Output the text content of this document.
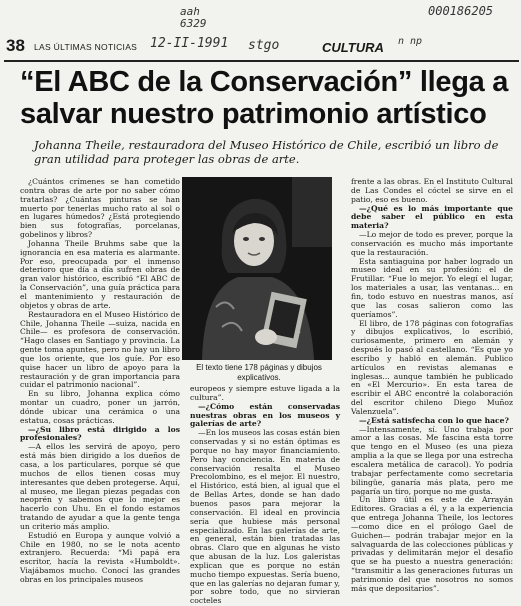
aah 6329
000186205
12-II-1991 stgo	n np
38 LAS ÚLTIMAS NOTICIAS	CULTURA
“El ABC de la Conservación” llega a salvar nuestro patrimonio artístico
Johanna Theile, restauradora del Museo Histórico de Chile, escribió un libro de gran utilidad para proteger las obras de arte.

¿Cuántos crímenes se han cometido contra obras de arte por no saber cómo tratarlas? ¿Cuántas pinturas se han muerto por tenerlas mucho rato al sol o en lugares húmedos? ¿Está protegiendo bien sus fotografías, porcelanas, gobelinos y libros?

Johanna Theile Bruhms sabe que la ignorancia en esa materia es alarmante. Por eso, preocupada por el inmenso deterioro que día a día sufren obras de gran valor histórico, escribió “El ABC de la Conservación”, una guía práctica para el mantenimiento y restauración de objetos y obras de arte.

Restauradora en el Museo Histórico de Chile, Johanna Theile —suiza, nacida en Chile— es profesora de conservación. “Hago clases en Santiago y provincia. La gente toma apuntes, pero no hay un libro que los oriente, que los guíe. Por eso quise hacer un libro de apoyo para la restauración y de gran importancia para cuidar el patrimonio nacional”.

En su libro, Johanna explica cómo montar un cuadro, poner un jarrón, dónde ubicar una cerámica o una estatua, cosas prácticas.

—¿Su libro está dirigido a los profesionales?

—A ellos les servirá de apoyo, pero está más bien dirigido a los dueños de casa, a los particulares, porque sé que muchos de ellos tienen cosas muy interesantes que deben protegerse. Aquí, al museo, me llegan piezas pegadas con neoprén y sabemos que lo mejor es hacerlo con Uhu. En el fondo estamos tratando de ayudar a que la gente tenga un criterio más amplio.

Estudió en Europa y aunque volvió a Chile en 1980, no se le nota acento extranjero. Recuerda: “Mi papá era escritor, hacía la revista «Humboldt». Viajábamos mucho. Conocí las grandes obras en los principales museos

El texto tiene 178 páginas y dibujos explicativos.

europeos y siempre estuve ligada a la cultura”.

—¿Cómo están conservadas nuestras obras en los museos y galerías de arte?

—En los museos las cosas están bien conservadas y si no están óptimas es porque no hay mayor financiamiento. Pero hay conciencia. En materia de conservación resalta el Museo Precolombino, es el mejor. El nuestro, el Histórico, está bien, al igual que el de Bellas Artes, donde se han dado buenos pasos para mejorar la conservación. El ideal en provincia sería que hubiese más personal especializado. En las galerías de arte, en general, están bien tratadas las obras. Claro que en algunas he visto que abusan de la luz. Los galeristas explican que es porque no están mucho tiempo expuestas. Sería bueno, que en las galerías no dejaran fumar y, por sobre todo, que no sirvieran cocteles

frente a las obras. En el Instituto Cultural de Las Condes el cóctel se sirve en el patio, eso es bueno.

—¿Qué es lo más importante que debe saber el público en esta materia?

—Lo mejor de todo es prever, porque la conservación es mucho más importante que la restauración.

Esta santiaguina por haber logrado un museo ideal en su profesión: el de Frutillar. “Fue lo mejor. Yo elegí el lugar, los materiales a usar, las ventanas... en fin, todo estuvo en nuestras manos, así que las cosas salieron como las queríamos”.

El libro, de 178 páginas con fotografías y dibujos explicativos, lo escribió, curiosamente, primero en alemán y después lo pasó al castellano. “Es que yo escribo y habló en alemán. Publico artículos en revistas alemanas e inglesas... aunque también he publicado en «El Mercurio». En esta tarea de escribir el ABC encontré la colaboración del escritor chileno Diego Muñoz Valenzuela”.

—¿Está satisfecha con lo que hace?

—Intensamente, sí. Uno trabaja por amor a las cosas. Me fascina esta torre que tengo en el Museo (es una pieza amplia a la que se llega por una estrecha escalera metálica de caracol). Yo podría trabajar perfectamente como secretaria bilingüe, ganaría más plata, pero me pagaría un tiro, porque no me gusta.

Un libro útil es este de Arrayán Editores. Gracias a él, y a la experiencia que entrega Johanna Theile, los lectores —como dice en el prólogo Gael de Guichen— podrán trabajar mejor en la salvaguarda de las colecciones públicas y privadas y delimitarán mejor el desafío que se ha puesto a nuestra generación: “transmitir a las generaciones futuras un patrimonio del que nosotros no somos más que depositarios”.
